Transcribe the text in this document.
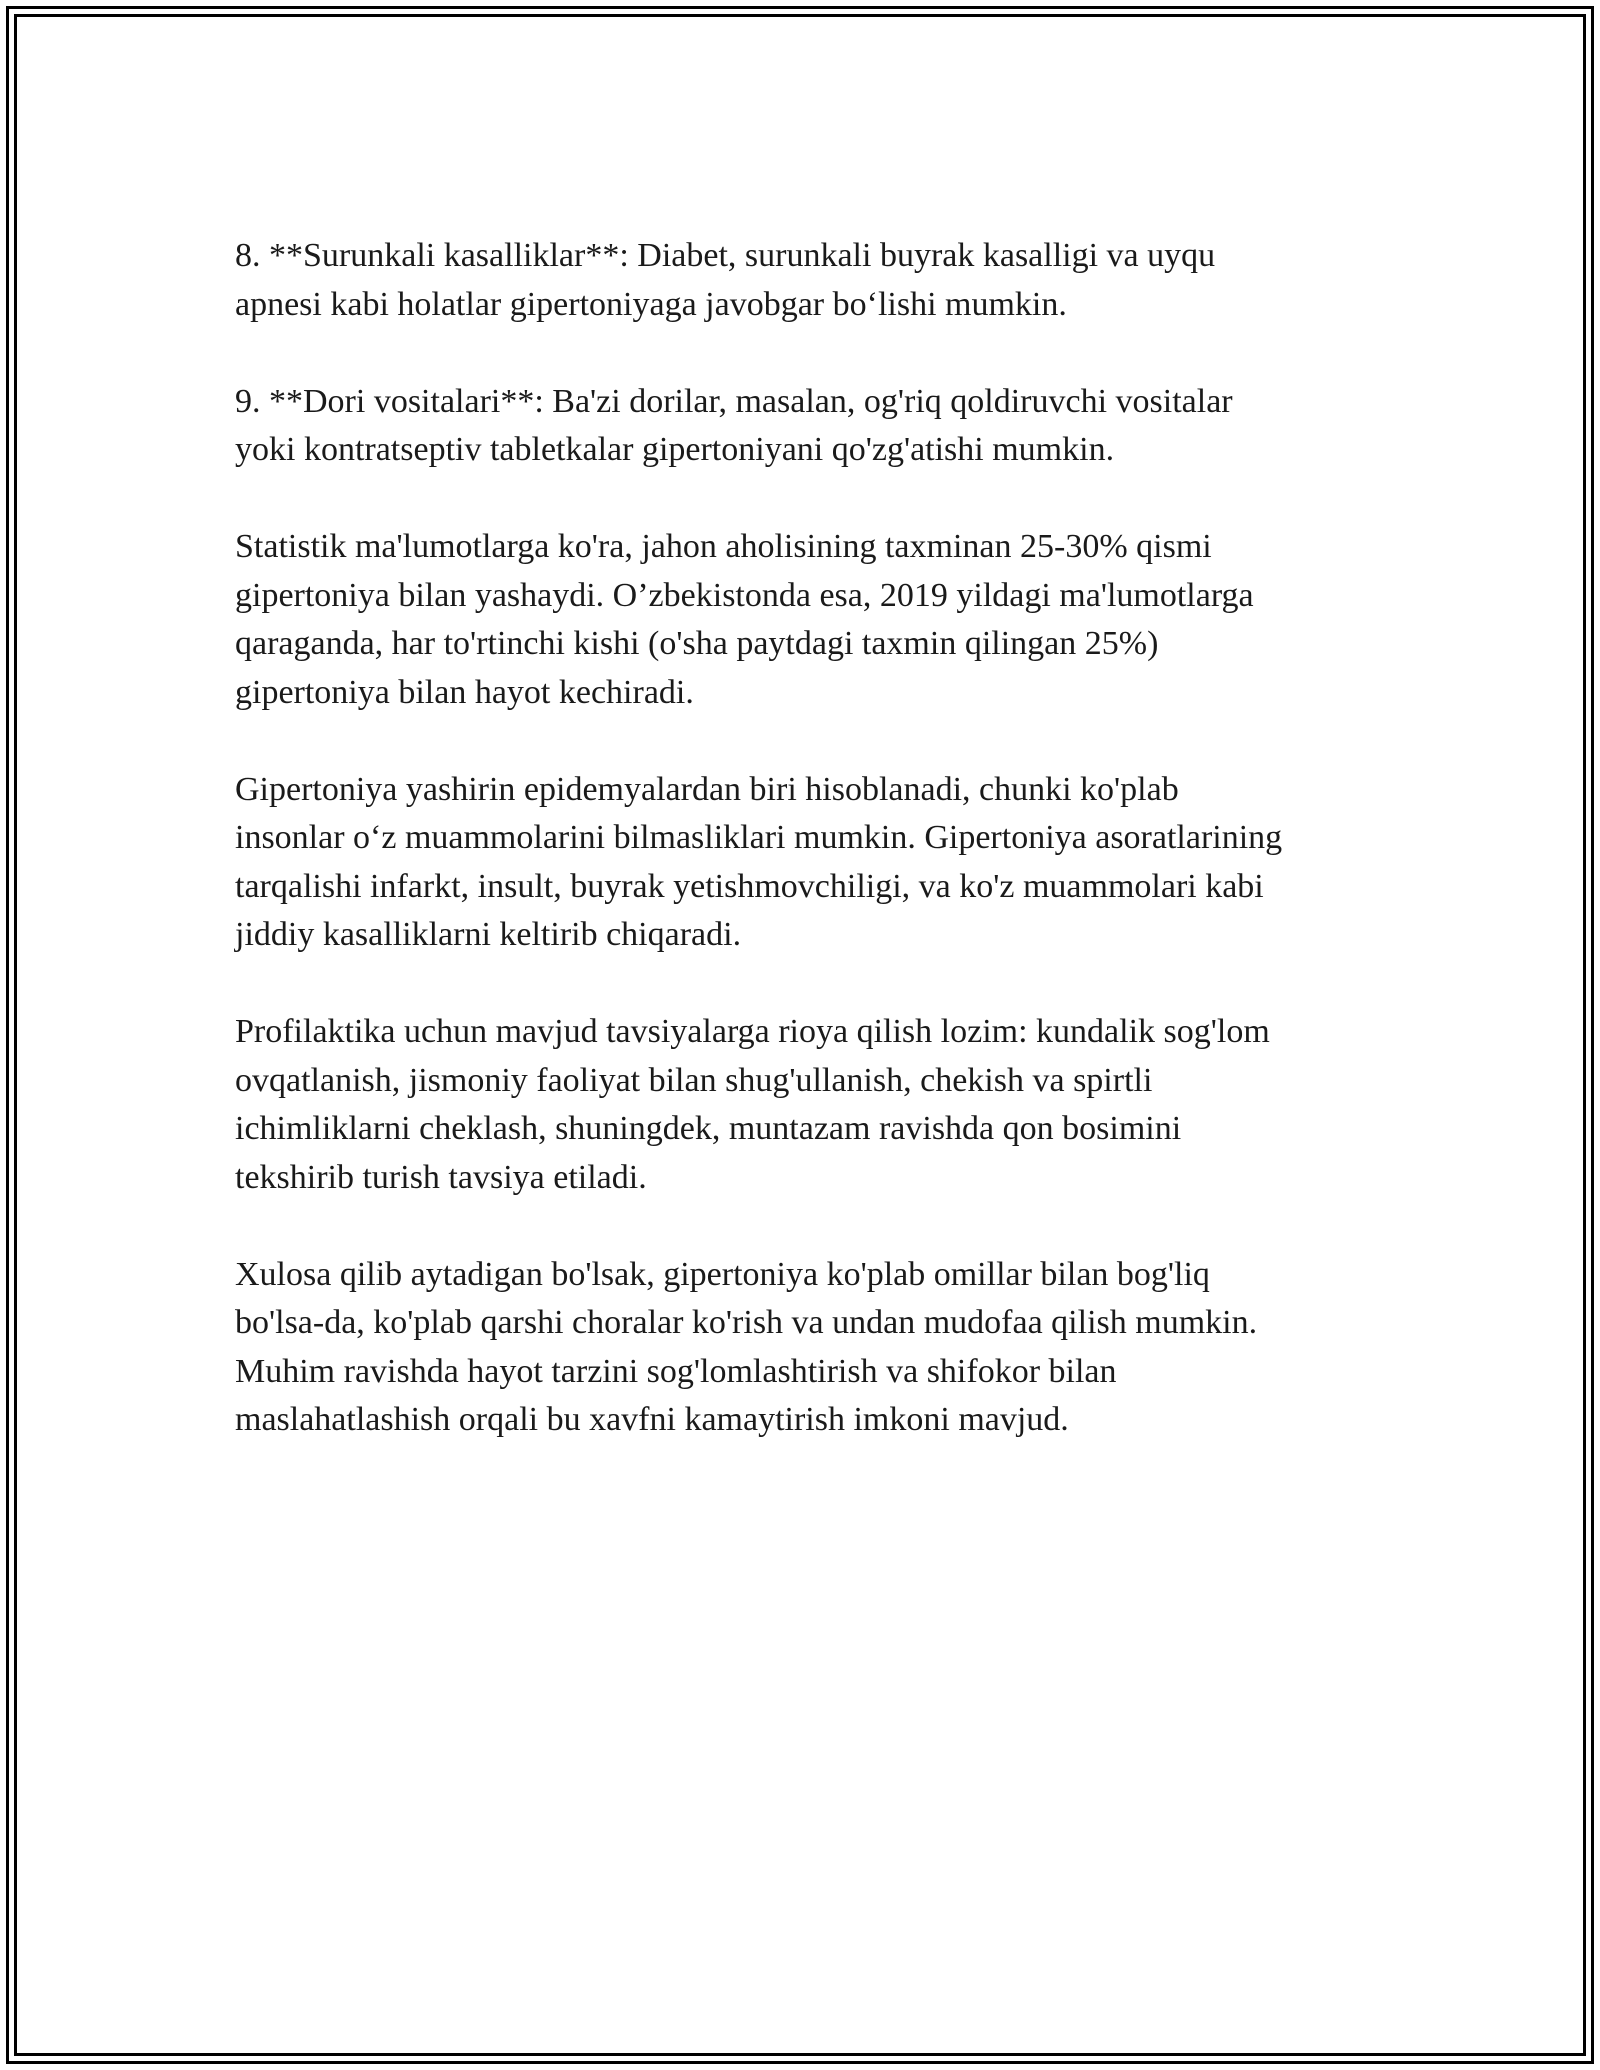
8. **Surunkali kasalliklar**: Diabet, surunkali buyrak kasalligi va uyqu
apnesi kabi holatlar gipertoniyaga javobgar bo‘lishi mumkin.

9. **Dori vositalari**: Ba'zi dorilar, masalan, og'riq qoldiruvchi vositalar
yoki kontratseptiv tabletkalar gipertoniyani qo'zg'atishi mumkin.

Statistik ma'lumotlarga ko'ra, jahon aholisining taxminan 25-30% qismi
gipertoniya bilan yashaydi. O’zbekistonda esa, 2019 yildagi ma'lumotlarga
qaraganda, har to'rtinchi kishi (o'sha paytdagi taxmin qilingan 25%)
gipertoniya bilan hayot kechiradi.

Gipertoniya yashirin epidemyalardan biri hisoblanadi, chunki ko'plab
insonlar o‘z muammolarini bilmasliklari mumkin. Gipertoniya asoratlarining
tarqalishi infarkt, insult, buyrak yetishmovchiligi, va ko'z muammolari kabi
jiddiy kasalliklarni keltirib chiqaradi.

Profilaktika uchun mavjud tavsiyalarga rioya qilish lozim: kundalik sog'lom
ovqatlanish, jismoniy faoliyat bilan shug'ullanish, chekish va spirtli
ichimliklarni cheklash, shuningdek, muntazam ravishda qon bosimini
tekshirib turish tavsiya etiladi.

Xulosa qilib aytadigan bo'lsak, gipertoniya ko'plab omillar bilan bog'liq
bo'lsa-da, ko'plab qarshi choralar ko'rish va undan mudofaa qilish mumkin.
Muhim ravishda hayot tarzini sog'lomlashtirish va shifokor bilan
maslahatlashish orqali bu xavfni kamaytirish imkoni mavjud.
